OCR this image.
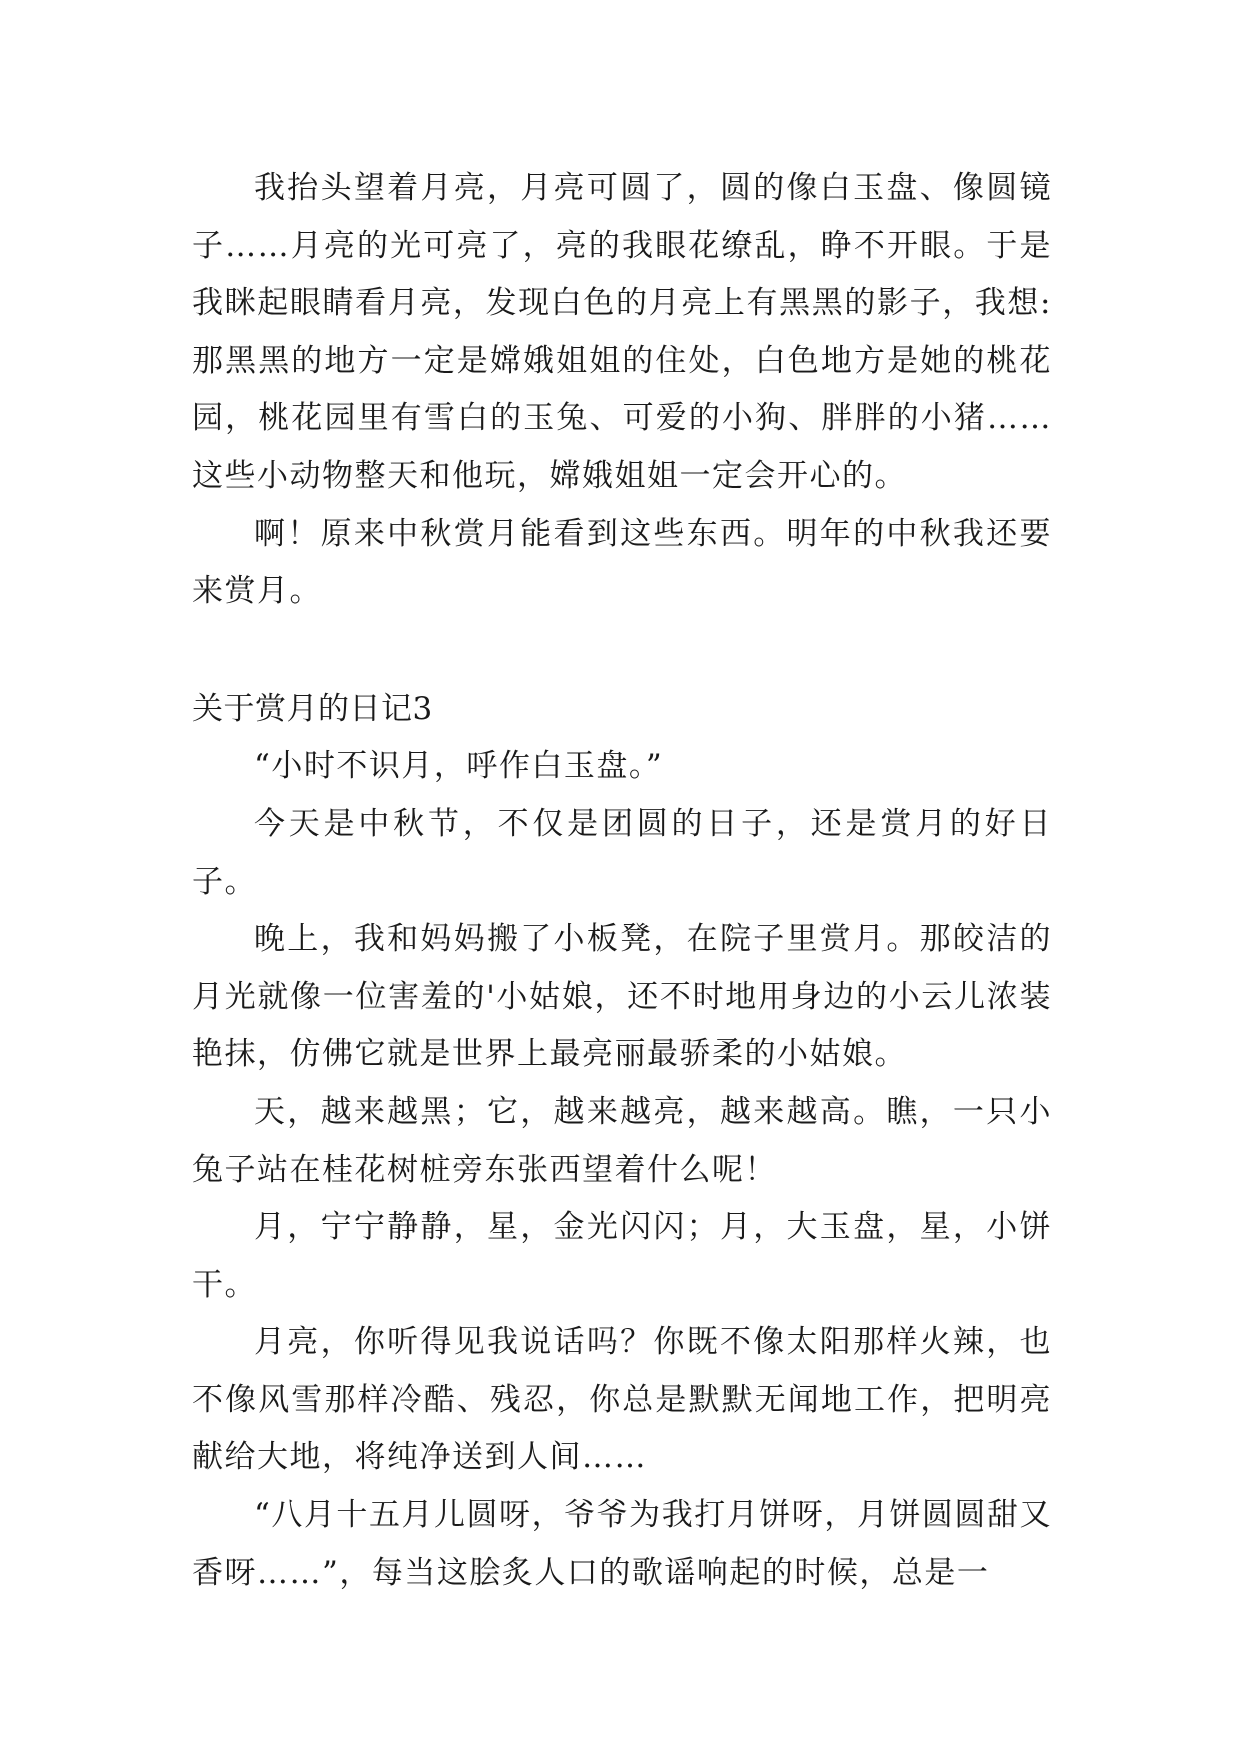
我抬头望着月亮，月亮可圆了，圆的像白玉盘、像圆镜子……月亮的光可亮了，亮的我眼花缭乱，睁不开眼。于是我眯起眼睛看月亮，发现白色的月亮上有黑黑的影子，我想:那黑黑的地方一定是嫦娥姐姐的住处，白色地方是她的桃花园，桃花园里有雪白的玉兔、可爱的小狗、胖胖的小猪……这些小动物整天和他玩，嫦娥姐姐一定会开心的。

啊！原来中秋赏月能看到这些东西。明年的中秋我还要来赏月。

关于赏月的日记3

“小时不识月，呼作白玉盘。”

今天是中秋节，不仅是团圆的日子，还是赏月的好日子。

晚上，我和妈妈搬了小板凳，在院子里赏月。那皎洁的月光就像一位害羞的'小姑娘，还不时地用身边的小云儿浓装艳抹，仿佛它就是世界上最亮丽最骄柔的小姑娘。

天，越来越黑；它，越来越亮，越来越高。瞧，一只小兔子站在桂花树桩旁东张西望着什么呢！

月，宁宁静静，星，金光闪闪；月，大玉盘，星，小饼干。

月亮，你听得见我说话吗？你既不像太阳那样火辣，也不像风雪那样冷酷、残忍，你总是默默无闻地工作，把明亮献给大地，将纯净送到人间……

“八月十五月儿圆呀，爷爷为我打月饼呀，月饼圆圆甜又香呀……”，每当这脍炙人口的歌谣响起的时候，总是一
